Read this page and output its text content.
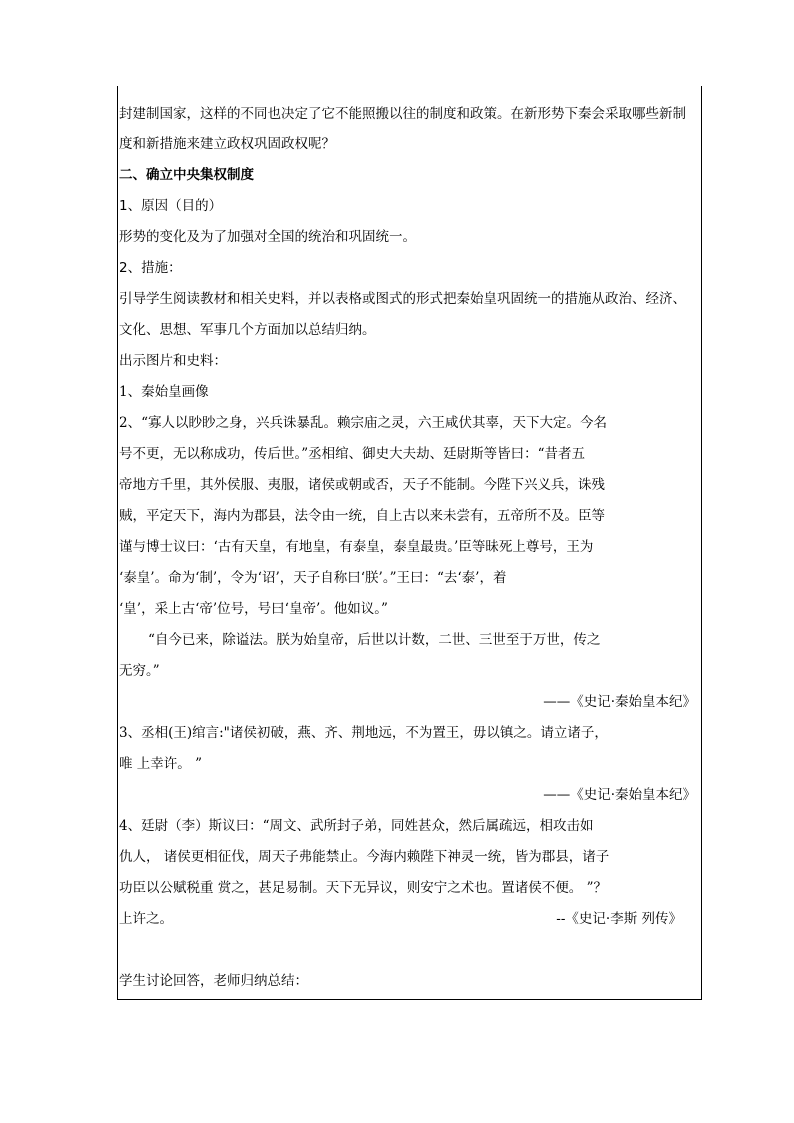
封建制国家，这样的不同也决定了它不能照搬以往的制度和政策。在新形势下秦会采取哪些新制
度和新措施来建立政权巩固政权呢？
二、确立中央集权制度
1、原因（目的）
形势的变化及为了加强对全国的统治和巩固统一。
2、措施：
引导学生阅读教材和相关史料，并以表格或图式的形式把秦始皇巩固统一的措施从政治、经济、
文化、思想、军事几个方面加以总结归纳。
出示图片和史料：
1、秦始皇画像
2、“寡人以眇眇之身，兴兵诛暴乱。赖宗庙之灵，六王咸伏其辜，天下大定。今名
号不更，无以称成功，传后世。”丞相绾、御史大夫劫、廷尉斯等皆曰：“昔者五
帝地方千里，其外侯服、夷服，诸侯或朝或否，天子不能制。今陛下兴义兵，诛残
贼，平定天下，海内为郡县，法令由一统，自上古以来未尝有，五帝所不及。臣等
谨与博士议曰：‘古有天皇，有地皇，有泰皇，泰皇最贵。’臣等昧死上尊号，王为
‘泰皇’。命为‘制’，令为‘诏’，天子自称曰‘朕’。”王曰：“去‘泰’，着
‘皇’，采上古‘帝’位号，号曰‘皇帝’。他如议。”
“自今已来，除谥法。朕为始皇帝，后世以计数，二世、三世至于万世，传之
无穷。”
——《史记·秦始皇本纪》
3、丞相(王)绾言:"诸侯初破，燕、齐、荆地远，不为置王，毋以镇之。请立诸子，
唯 上幸许。 ”
——《史记·秦始皇本纪》
4、廷尉（李）斯议曰：“周文、武所封子弟，同姓甚众，然后属疏远，相攻击如
仇人， 诸侯更相征伐，周天子弗能禁止。今海内赖陛下神灵一统，皆为郡县，诸子
功臣以公赋税重 赏之，甚足易制。天下无异议，则安宁之术也。置诸侯不便。 ”？
上许之。	--《史记·李斯 列传》
学生讨论回答，老师归纳总结：
